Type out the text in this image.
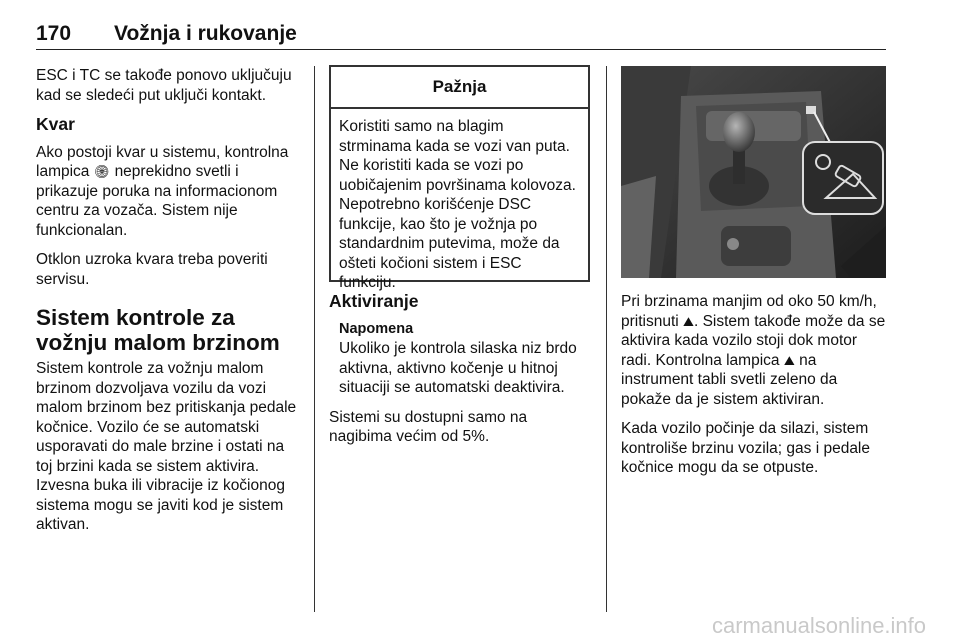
170 Vožnja i rukovanje

ESC i TC se takođe ponovo uključuju kad se sledeći put uključi kontakt.

Kvar

Ako postoji kvar u sistemu, kontrolna lampica 🛞︎ neprekidno svetli i prikazuje poruka na informacionom centru za vozača. Sistem nije funkcionalan.

Otklon uzroka kvara treba poveriti servisu.

Sistem kontrole za vožnju malom brzinom

Sistem kontrole za vožnju malom brzinom dozvoljava vozilu da vozi malom brzinom bez pritiskanja pedale kočnice. Vozilo će se automatski usporavati do male brzine i ostati na toj brzini kada se sistem aktivira. Izvesna buka ili vibracije iz kočionog sistema mogu se javiti kod je sistem aktivan.

Pažnja
Koristiti samo na blagim strminama kada se vozi van puta. Ne koristiti kada se vozi po uobičajenim površinama kolovoza. Nepotrebno korišćenje DSC funkcije, kao što je vožnja po standardnim putevima, može da ošteti kočioni sistem i ESC funkciju.
Aktiviranje
Napomena
Ukoliko je kontrola silaska niz brdo aktivna, aktivno kočenje u hitnoj situaciji se automatski deaktivira.

Sistemi su dostupni samo na nagibima većim od 5%.

Pri brzinama manjim od oko 50 km/h, pritisnuti ⛰︎. Sistem takođe može da se aktivira kada vozilo stoji dok motor radi. Kontrolna lampica ⛰︎ na instrument tabli svetli zeleno da pokaže da je sistem aktiviran.

Kada vozilo počinje da silazi, sistem kontroliše brzinu vozila; gas i pedale kočnice mogu da se otpuste.

carmanualsonline.info
